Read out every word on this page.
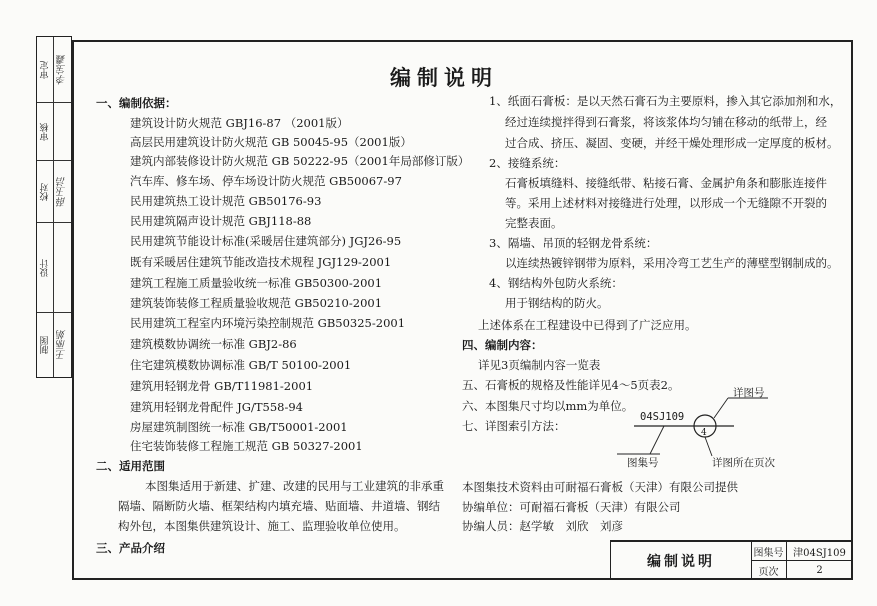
审定 李宝鑫
审核
校对 薛玉洁
设计
制图 王丽娟
编制说明
一、编制依据：
建筑设计防火规范 GBJ16-87 （2001版）
高层民用建筑设计防火规范 GB 50045-95（2001版）
建筑内部装修设计防火规范 GB 50222-95（2001年局部修订版）
汽车库、修车场、停车场设计防火规范 GB50067-97
民用建筑热工设计规范 GB50176-93
民用建筑隔声设计规范 GBJ118-88
民用建筑节能设计标准(采暖居住建筑部分) JGJ26-95
既有采暖居住建筑节能改造技术规程 JGJ129-2001
建筑工程施工质量验收统一标准 GB50300-2001
建筑装饰装修工程质量验收规范 GB50210-2001
民用建筑工程室内环境污染控制规范 GB50325-2001
建筑模数协调统一标准 GBJ2-86
住宅建筑模数协调标准 GB/T 50100-2001
建筑用轻钢龙骨 GB/T11981-2001
建筑用轻钢龙骨配件 JG/T558-94
房屋建筑制图统一标准 GB/T50001-2001
住宅装饰装修工程施工规范 GB 50327-2001
二、适用范围
本图集适用于新建、扩建、改建的民用与工业建筑的非承重
隔墙、隔断防火墙、框架结构内填充墙、贴面墙、井道墙、钢结
构外包，本图集供建筑设计、施工、监理验收单位使用。
三、产品介绍
1、纸面石膏板：是以天然石膏石为主要原料，掺入其它添加剂和水，
经过连续搅拌得到石膏浆，将该浆体均匀铺在移动的纸带上，经
过合成、挤压、凝固、变硬，并经干燥处理形成一定厚度的板材。
2、接缝系统：
石膏板填缝料、接缝纸带、粘接石膏、金属护角条和膨胀连接件
等。采用上述材料对接缝进行处理，以形成一个无缝隙不开裂的
完整表面。
3、隔墙、吊顶的轻钢龙骨系统：
以连续热镀锌钢带为原料，采用冷弯工艺生产的薄壁型钢制成的。
4、钢结构外包防火系统：
用于钢结构的防火。
上述体系在工程建设中已得到了广泛应用。
四、编制内容：
详见3页编制内容一览表
五、石膏板的规格及性能详见4～5页表2。
六、本图集尺寸均以mm为单位。
七、详图索引方法：
04SJ109
4
详图号
图集号	详图所在页次
本图集技术资料由可耐福石膏板（天津）有限公司提供
协编单位：可耐福石膏板（天津）有限公司
协编人员：赵学敏　刘欣　刘彦
编制说明
图集号 津04SJ109
页次	2
